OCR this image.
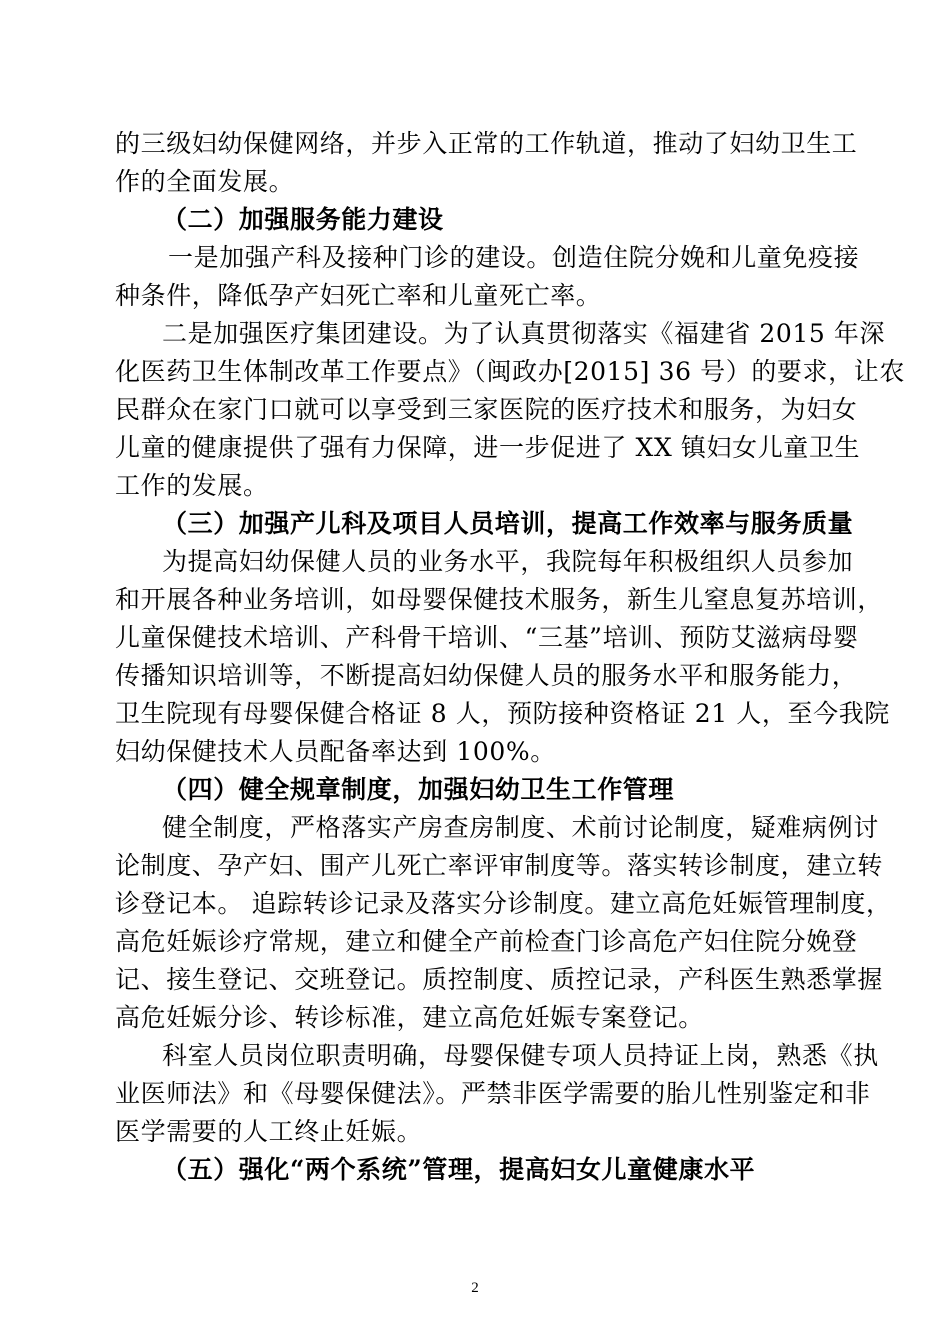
的三级妇幼保健网络，并步入正常的工作轨道，推动了妇幼卫生工
作的全面发展。
（二）加强服务能力建设
一是加强产科及接种门诊的建设。创造住院分娩和儿童免疫接
种条件，降低孕产妇死亡率和儿童死亡率。
二是加强医疗集团建设。为了认真贯彻落实《福建省 2015 年深
化医药卫生体制改革工作要点》（闽政办[2015] 36 号）的要求，让农
民群众在家门口就可以享受到三家医院的医疗技术和服务，为妇女
儿童的健康提供了强有力保障，进一步促进了 XX 镇妇女儿童卫生
工作的发展。
（三）加强产儿科及项目人员培训，提高工作效率与服务质量
为提高妇幼保健人员的业务水平，我院每年积极组织人员参加
和开展各种业务培训，如母婴保健技术服务，新生儿窒息复苏培训，
儿童保健技术培训、产科骨干培训、“三基”培训、预防艾滋病母婴
传播知识培训等，不断提高妇幼保健人员的服务水平和服务能力，
卫生院现有母婴保健合格证 8 人，预防接种资格证 21 人，至今我院
妇幼保健技术人员配备率达到 100%。
（四）健全规章制度，加强妇幼卫生工作管理
健全制度，严格落实产房查房制度、术前讨论制度，疑难病例讨
论制度、孕产妇、围产儿死亡率评审制度等。落实转诊制度，建立转
诊登记本。 追踪转诊记录及落实分诊制度。建立高危妊娠管理制度，
高危妊娠诊疗常规，建立和健全产前检查门诊高危产妇住院分娩登
记、接生登记、交班登记。质控制度、质控记录，产科医生熟悉掌握
高危妊娠分诊、转诊标准，建立高危妊娠专案登记。
科室人员岗位职责明确，母婴保健专项人员持证上岗，熟悉《执
业医师法》和《母婴保健法》。严禁非医学需要的胎儿性别鉴定和非
医学需要的人工终止妊娠。
（五）强化“两个系统”管理，提高妇女儿童健康水平
2
